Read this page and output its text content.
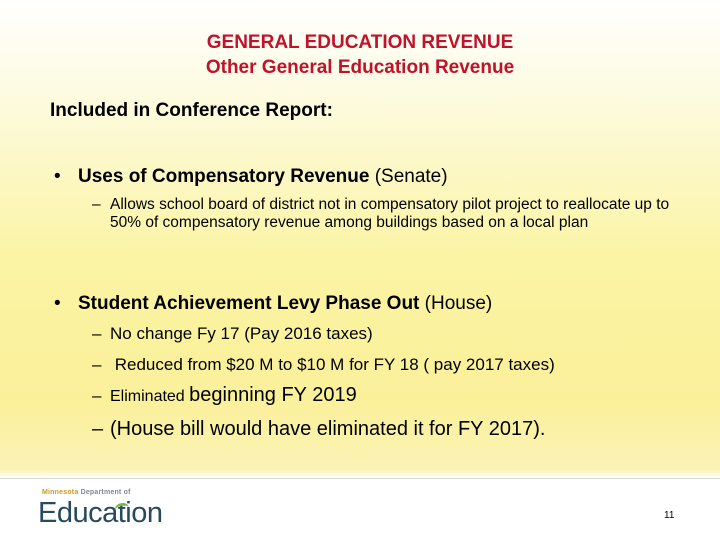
GENERAL EDUCATION REVENUE
Other General Education Revenue
Included in Conference Report:
• Uses of Compensatory Revenue (Senate)
– Allows school board of district not in compensatory pilot project to reallocate up to 50% of compensatory revenue among buildings based on a local plan
• Student Achievement Levy Phase Out (House)
– No change Fy 17 (Pay 2016 taxes)
– Reduced from $20 M to $10 M for FY 18 ( pay 2017 taxes)
– Eliminated beginning FY 2019
– (House bill would have eliminated it for FY 2017).
Minnesota Department of
Education	11
